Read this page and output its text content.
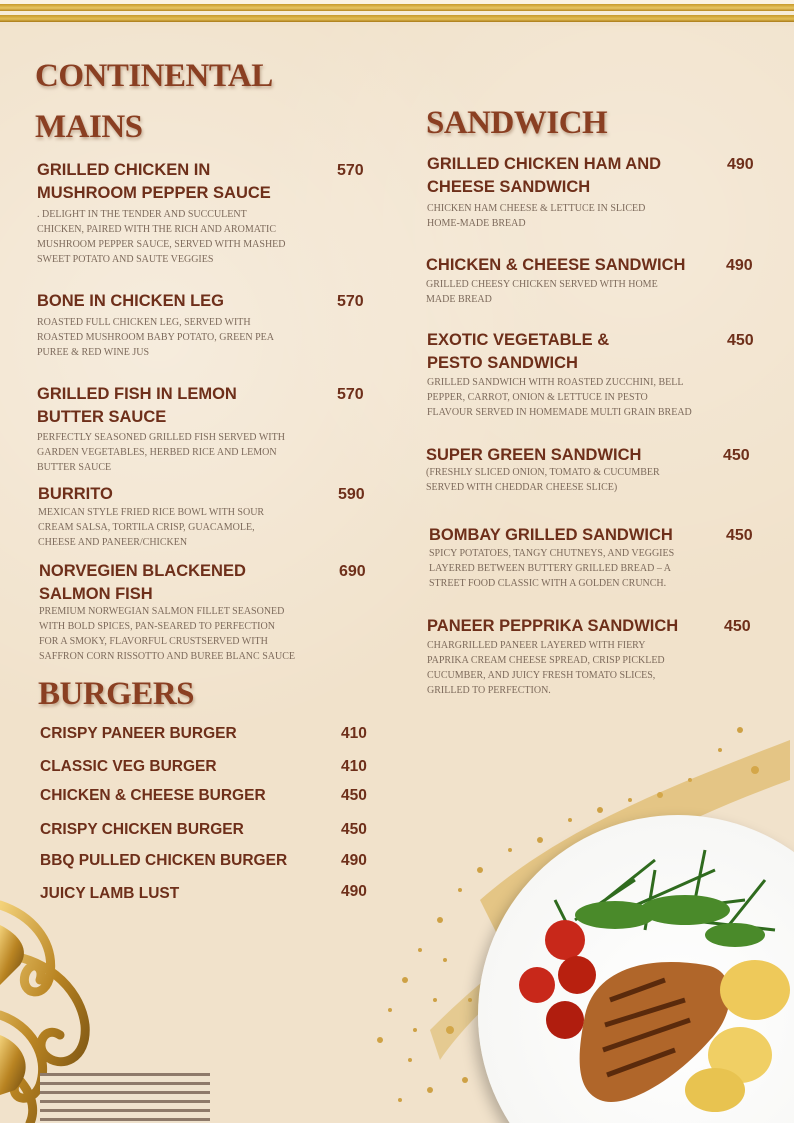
CONTINENTAL
MAINS
GRILLED CHICKEN IN
MUSHROOM PEPPER SAUCE
570
. DELIGHT IN THE TENDER AND SUCCULENT
CHICKEN, PAIRED WITH THE RICH AND AROMATIC
MUSHROOM PEPPER SAUCE, SERVED WITH MASHED
SWEET POTATO AND SAUTE VEGGIES
BONE IN CHICKEN LEG	570
ROASTED FULL CHICKEN LEG, SERVED WITH
ROASTED MUSHROOM BABY POTATO, GREEN PEA
PUREE & RED WINE JUS
GRILLED FISH IN LEMON
BUTTER SAUCE
570
PERFECTLY SEASONED GRILLED FISH SERVED WITH
GARDEN VEGETABLES, HERBED RICE AND LEMON
BUTTER SAUCE
BURRITO	590
MEXICAN STYLE FRIED RICE BOWL WITH SOUR
CREAM SALSA, TORTILA CRISP, GUACAMOLE,
CHEESE AND PANEER/CHICKEN
NORVEGIEN BLACKENED
SALMON FISH
690
PREMIUM NORWEGIAN SALMON FILLET SEASONED
WITH BOLD SPICES, PAN-SEARED TO PERFECTION
FOR A SMOKY, FLAVORFUL CRUSTSERVED WITH
SAFFRON CORN RISSOTTO AND BUREE BLANC SAUCE
BURGERS
CRISPY PANEER BURGER	410
CLASSIC VEG BURGER	410
CHICKEN & CHEESE BURGER	450
CRISPY CHICKEN BURGER	450
BBQ PULLED CHICKEN BURGER	490
JUICY LAMB LUST	490
SANDWICH
GRILLED CHICKEN HAM AND
CHEESE SANDWICH
490
CHICKEN HAM CHEESE & LETTUCE IN SLICED
HOME-MADE BREAD
CHICKEN & CHEESE SANDWICH	490
GRILLED CHEESY CHICKEN SERVED WITH HOME
MADE BREAD
EXOTIC VEGETABLE &
PESTO SANDWICH
450
GRILLED SANDWICH WITH ROASTED ZUCCHINI, BELL
PEPPER, CARROT, ONION & LETTUCE IN PESTO
FLAVOUR SERVED IN HOMEMADE MULTI GRAIN BREAD
SUPER GREEN SANDWICH	450
(FRESHLY SLICED ONION, TOMATO & CUCUMBER
SERVED WITH CHEDDAR CHEESE SLICE)
BOMBAY GRILLED SANDWICH	450
SPICY POTATOES, TANGY CHUTNEYS, AND VEGGIES
LAYERED BETWEEN BUTTERY GRILLED BREAD – A
STREET FOOD CLASSIC WITH A GOLDEN CRUNCH.
PANEER PEPPRIKA SANDWICH	450
CHARGRILLED PANEER LAYERED WITH FIERY
PAPRIKA CREAM CHEESE SPREAD, CRISP PICKLED
CUCUMBER, AND JUICY FRESH TOMATO SLICES,
GRILLED TO PERFECTION.
